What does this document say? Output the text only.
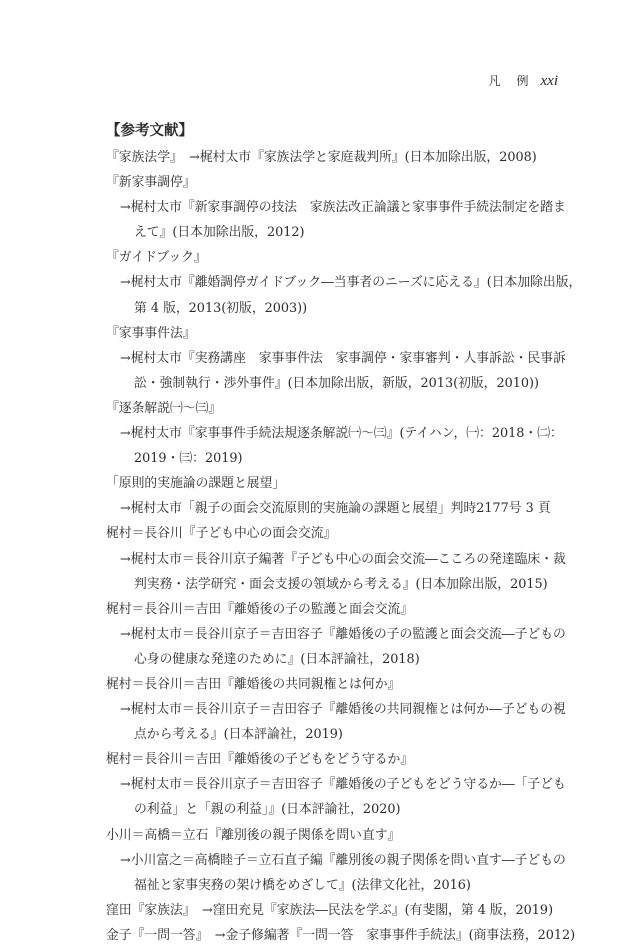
凡　例 xxi
【参考文献】
『家族法学』　→梶村太市『家族法学と家庭裁判所』(日本加除出版，2008)
『新家事調停』
→梶村太市『新家事調停の技法　家族法改正論議と家事事件手続法制定を踏ま
えて』(日本加除出版，2012)
『ガイドブック』
→梶村太市『離婚調停ガイドブック―当事者のニーズに応える』(日本加除出版，
第 4 版，2013(初版，2003))
『家事事件法』
→梶村太市『実務講座　家事事件法　家事調停・家事審判・人事訴訟・民事訴
訟・強制執行・渉外事件』(日本加除出版，新版，2013(初版，2010))
『逐条解説㈠〜㈢』
→梶村太市『家事事件手続法規逐条解説㈠〜㈢』(テイハン，㈠：2018・㈡：
2019・㈢：2019)
「原則的実施論の課題と展望」
→梶村太市「親子の面会交流原則的実施論の課題と展望」判時2177号 3 頁
梶村＝長谷川『子ども中心の面会交流』
→梶村太市＝長谷川京子編著『子ども中心の面会交流―こころの発達臨床・裁
判実務・法学研究・面会支援の領域から考える』(日本加除出版，2015)
梶村＝長谷川＝吉田『離婚後の子の監護と面会交流』
→梶村太市＝長谷川京子＝吉田容子『離婚後の子の監護と面会交流―子どもの
心身の健康な発達のために』(日本評論社，2018)
梶村＝長谷川＝吉田『離婚後の共同親権とは何か』
→梶村太市＝長谷川京子＝吉田容子『離婚後の共同親権とは何か―子どもの視
点から考える』(日本評論社，2019)
梶村＝長谷川＝吉田『離婚後の子どもをどう守るか』
→梶村太市＝長谷川京子＝吉田容子『離婚後の子どもをどう守るか―「子ども
の利益」と「親の利益」』(日本評論社，2020)
小川＝高橋＝立石『離別後の親子関係を問い直す』
→小川富之＝高橋睦子＝立石直子編『離別後の親子関係を問い直す―子どもの
福祉と家事実務の架け橋をめざして』(法律文化社，2016)
窪田『家族法』　→窪田充見『家族法―民法を学ぶ』(有斐閣，第 4 版，2019)
金子『一問一答』　→金子修編著『一問一答　家事事件手続法』(商事法務，2012)
